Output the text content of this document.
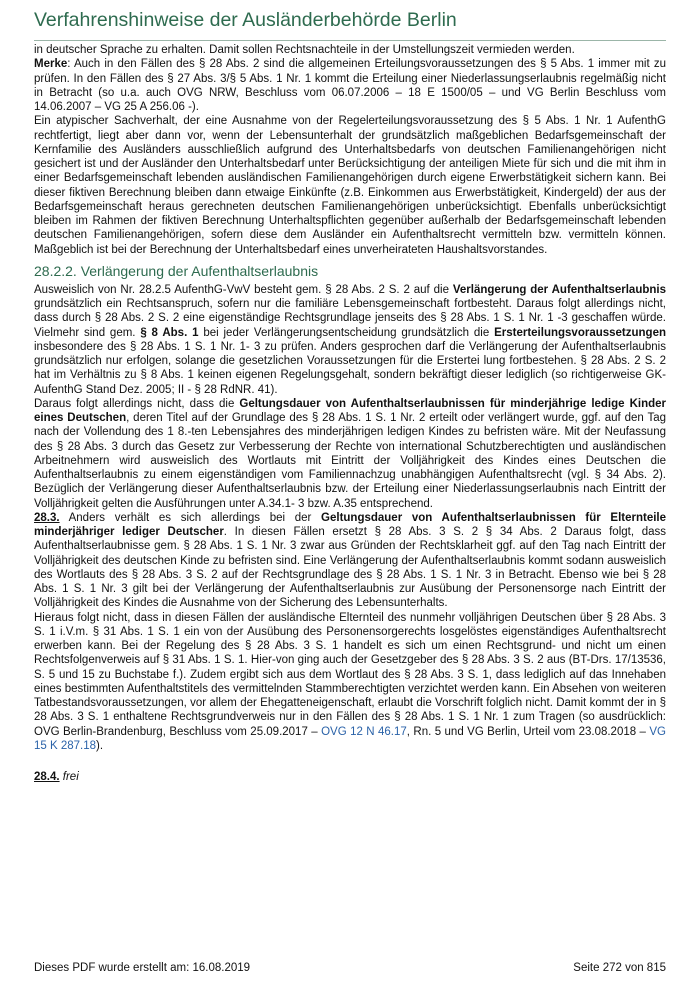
Verfahrenshinweise der Ausländerbehörde Berlin

in deutscher Sprache zu erhalten. Damit sollen Rechtsnachteile in der Umstellungszeit vermieden werden.

Merke: Auch in den Fällen des § 28 Abs. 2 sind die allgemeinen Erteilungsvoraussetzungen des § 5 Abs. 1 immer mit zu prüfen. In den Fällen des § 27 Abs. 3/§ 5 Abs. 1 Nr. 1 kommt die Erteilung einer Niederlassungserlaubnis regelmäßig nicht in Betracht (so u.a. auch OVG NRW, Beschluss vom 06.07.2006 – 18 E 1500/05 – und VG Berlin Beschluss vom 14.06.2007 – VG 25 A 256.06 -).

Ein atypischer Sachverhalt, der eine Ausnahme von der Regelerteilungsvoraussetzung des § 5 Abs. 1 Nr. 1 AufenthG rechtfertigt, liegt aber dann vor, wenn der Lebensunterhalt der grundsätzlich maßgeblichen Bedarfsgemeinschaft der Kernfamilie des Ausländers ausschließlich aufgrund des Unterhaltsbedarfs von deutschen Familienangehörigen nicht gesichert ist und der Ausländer den Unterhaltsbedarf unter Berücksichtigung der anteiligen Miete für sich und die mit ihm in einer Bedarfsgemeinschaft lebenden ausländischen Familienangehörigen durch eigene Erwerbstätigkeit sichern kann. Bei dieser fiktiven Berechnung bleiben dann etwaige Einkünfte (z.B. Einkommen aus Erwerbstätigkeit, Kindergeld) der aus der Bedarfsgemeinschaft heraus gerechneten deutschen Familienangehörigen unberücksichtigt. Ebenfalls unberücksichtigt bleiben im Rahmen der fiktiven Berechnung Unterhaltspflichten gegenüber außerhalb der Bedarfsgemeinschaft lebenden deutschen Familienangehörigen, sofern diese dem Ausländer ein Aufenthaltsrecht vermitteln bzw. vermitteln können. Maßgeblich ist bei der Berechnung der Unterhaltsbedarf eines unverheirateten Haushaltsvorstandes.

28.2.2. Verlängerung der Aufenthaltserlaubnis

Ausweislich von Nr. 28.2.5 AufenthG-VwV besteht gem. § 28 Abs. 2 S. 2 auf die Verlängerung der Aufenthaltserlaubnis grundsätzlich ein Rechtsanspruch, sofern nur die familiäre Lebensgemeinschaft fortbesteht. Daraus folgt allerdings nicht, dass durch § 28 Abs. 2 S. 2 eine eigenständige Rechtsgrundlage jenseits des § 28 Abs. 1 S. 1 Nr. 1 -3 geschaffen würde. Vielmehr sind gem. § 8 Abs. 1 bei jeder Verlängerungsentscheidung grundsätzlich die Ersterteilungsvoraussetzungen insbesondere des § 28 Abs. 1 S. 1 Nr. 1- 3 zu prüfen. Anders gesprochen darf die Verlängerung der Aufenthaltserlaubnis grundsätzlich nur erfolgen, solange die gesetzlichen Voraussetzungen für die Erstertei lung fortbestehen. § 28 Abs. 2 S. 2 hat im Verhältnis zu § 8 Abs. 1 keinen eigenen Regelungsgehalt, sondern bekräftigt dieser lediglich (so richtigerweise GK-AufenthG Stand Dez. 2005; II - § 28 RdNR. 41).

Daraus folgt allerdings nicht, dass die Geltungsdauer von Aufenthaltserlaubnissen für minderjährige ledige Kinder eines Deutschen, deren Titel auf der Grundlage des § 28 Abs. 1 S. 1 Nr. 2 erteilt oder verlängert wurde, ggf. auf den Tag nach der Vollendung des 1 8.-ten Lebensjahres des minderjährigen ledigen Kindes zu befristen wäre. Mit der Neufassung des § 28 Abs. 3 durch das Gesetz zur Verbesserung der Rechte von international Schutzberechtigten und ausländischen Arbeitnehmern wird ausweislich des Wortlauts mit Eintritt der Volljährigkeit des Kindes eines Deutschen die Aufenthaltserlaubnis zu einem eigenständigen vom Familiennachzug unabhängigen Aufenthaltsrecht (vgl. § 34 Abs. 2). Bezüglich der Verlängerung dieser Aufenthaltserlaubnis bzw. der Erteilung einer Niederlassungserlaubnis nach Eintritt der Volljährigkeit gelten die Ausführungen unter A.34.1- 3 bzw. A.35 entsprechend.

28.3. Anders verhält es sich allerdings bei der Geltungsdauer von Aufenthaltserlaubnissen für Elternteile minderjähriger lediger Deutscher. In diesen Fällen ersetzt § 28 Abs. 3 S. 2 § 34 Abs. 2 Daraus folgt, dass Aufenthaltserlaubnisse gem. § 28 Abs. 1 S. 1 Nr. 3 zwar aus Gründen der Rechtsklarheit ggf. auf den Tag nach Eintritt der Volljährigkeit des deutschen Kinde zu befristen sind. Eine Verlängerung der Aufenthaltserlaubnis kommt sodann ausweislich des Wortlauts des § 28 Abs. 3 S. 2 auf der Rechtsgrundlage des § 28 Abs. 1 S. 1 Nr. 3 in Betracht. Ebenso wie bei § 28 Abs. 1 S. 1 Nr. 3 gilt bei der Verlängerung der Aufenthaltserlaubnis zur Ausübung der Personensorge nach Eintritt der Volljährigkeit des Kindes die Ausnahme von der Sicherung des Lebensunterhalts.

Hieraus folgt nicht, dass in diesen Fällen der ausländische Elternteil des nunmehr volljährigen Deutschen über § 28 Abs. 3 S. 1 i.V.m. § 31 Abs. 1 S. 1 ein von der Ausübung des Personensorgerechts losgelöstes eigenständiges Aufenthaltsrecht erwerben kann. Bei der Regelung des § 28 Abs. 3 S. 1 handelt es sich um einen Rechtsgrund- und nicht um einen Rechtsfolgenverweis auf § 31 Abs. 1 S. 1. Hier-von ging auch der Gesetzgeber des § 28 Abs. 3 S. 2 aus (BT-Drs. 17/13536, S. 5 und 15 zu Buchstabe f.). Zudem ergibt sich aus dem Wortlaut des § 28 Abs. 3 S. 1, dass lediglich auf das Innehaben eines bestimmten Aufenthaltstitels des vermittelnden Stammberechtigten verzichtet werden kann. Ein Absehen von weiteren Tatbestandsvoraussetzungen, vor allem der Ehegatteneigenschaft, erlaubt die Vorschrift folglich nicht. Damit kommt der in § 28 Abs. 3 S. 1 enthaltene Rechtsgrundverweis nur in den Fällen des § 28 Abs. 1 S. 1 Nr. 1 zum Tragen (so ausdrücklich: OVG Berlin-Brandenburg, Beschluss vom 25.09.2017 – OVG 12 N 46.17, Rn. 5 und VG Berlin, Urteil vom 23.08.2018 – VG 15 K 287.18).

28.4. frei

Dieses PDF wurde erstellt am: 16.08.2019	Seite 272 von 815
